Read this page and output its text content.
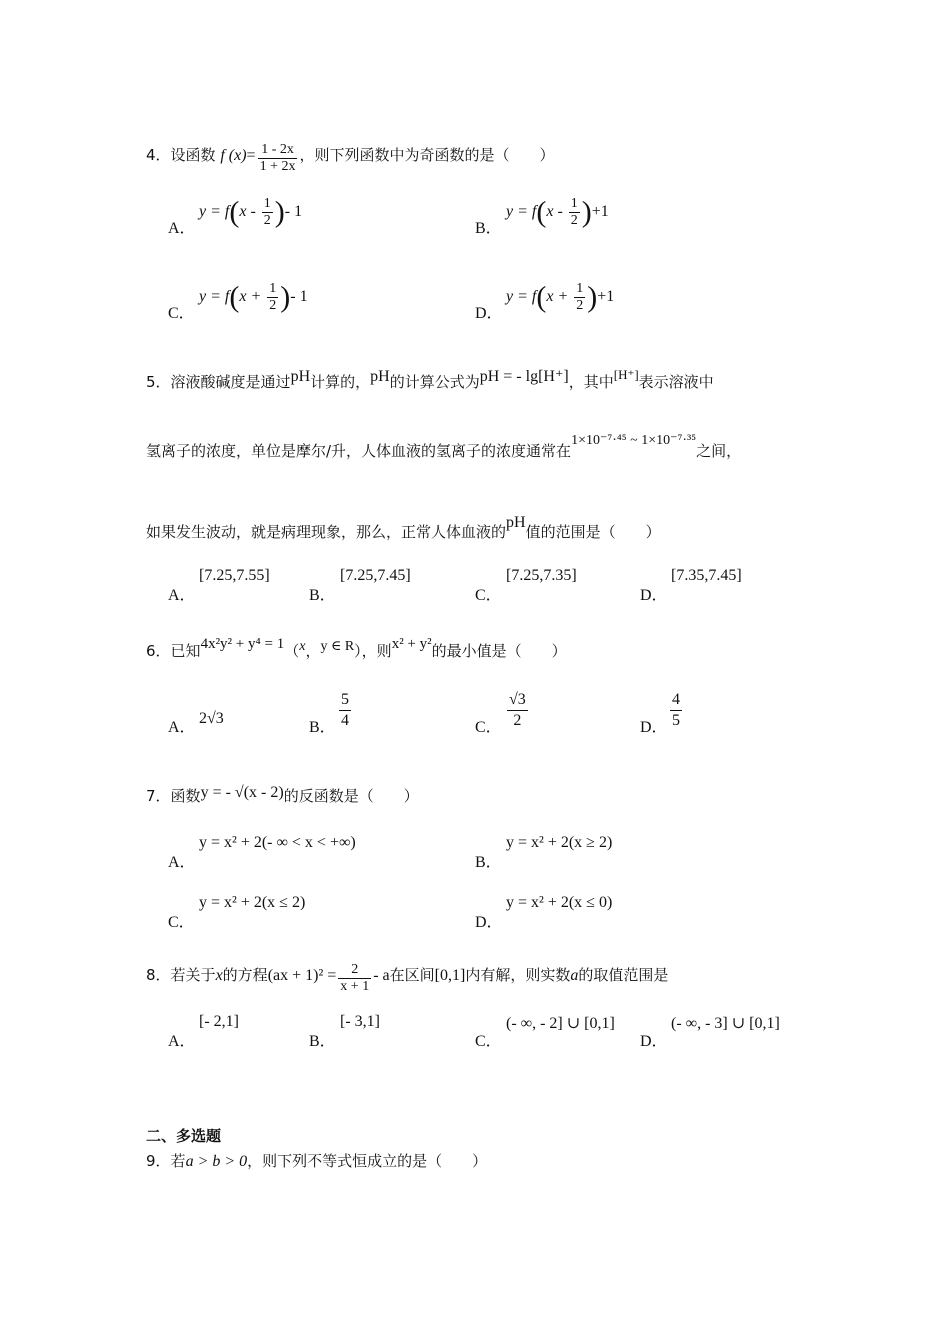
4．设函数 f $(x)= \frac{1 - 2x}{1 + 2x}$ ，则下列函数中为奇函数的是（　　）
A．
$y = f(x - \frac{1}{2}$ )- 1
B．
$y = f(x - \frac{1}{2} )+1$
C．
$y = f(x + \frac{1}{2}$ )- 1
D．
$y = f(x + \frac{1}{2} )+1$
5．溶液酸碱度是通过pH计算的，pH的计算公式为pH = - lg[H⁺]，其中[H⁺]表示溶液中
氢离子的浓度，单位是摩尔/升，人体血液的氢离子的浓度通常在1×10⁻⁷·⁴⁵ ~ 1×10⁻⁷·³⁵之间，
如果发生波动，就是病理现象，那么，正常人体血液的pH值的范围是（　　）
A．
[7.25,7.55]
B．
[7.25,7.45]
C．
[7.25,7.35]
D．
[7.35,7.45]
6．已知4x²y² + y⁴ = 1（x，y ∈ R），则x² + y²的最小值是（　　）
A．
2√3
B． $\frac{5}{4}$	C． $\frac{√3}{2}$	D． $\frac{4}{5}$
7．函数y = - √(x - 2)的反函数是（　　）
A．
y = x² + 2(- ∞ < x < +∞)
B．
y = x² + 2(x ≥ 2)
C．
y = x² + 2(x ≤ 2)
D．
y = x² + 2(x ≤ 0)
8．若关于x的方程$(ax + 1)^2 = \frac{2}{x + 1} - a$在区间[0,1]内有解，则实数a的取值范围是
A．
[- 2,1]
B．
[- 3,1]
C．
(- ∞, - 2] ∪ [0,1]
D．
(- ∞, - 3] ∪ [0,1]
二、多选题
9．若a > b > 0，则下列不等式恒成立的是（　　）
